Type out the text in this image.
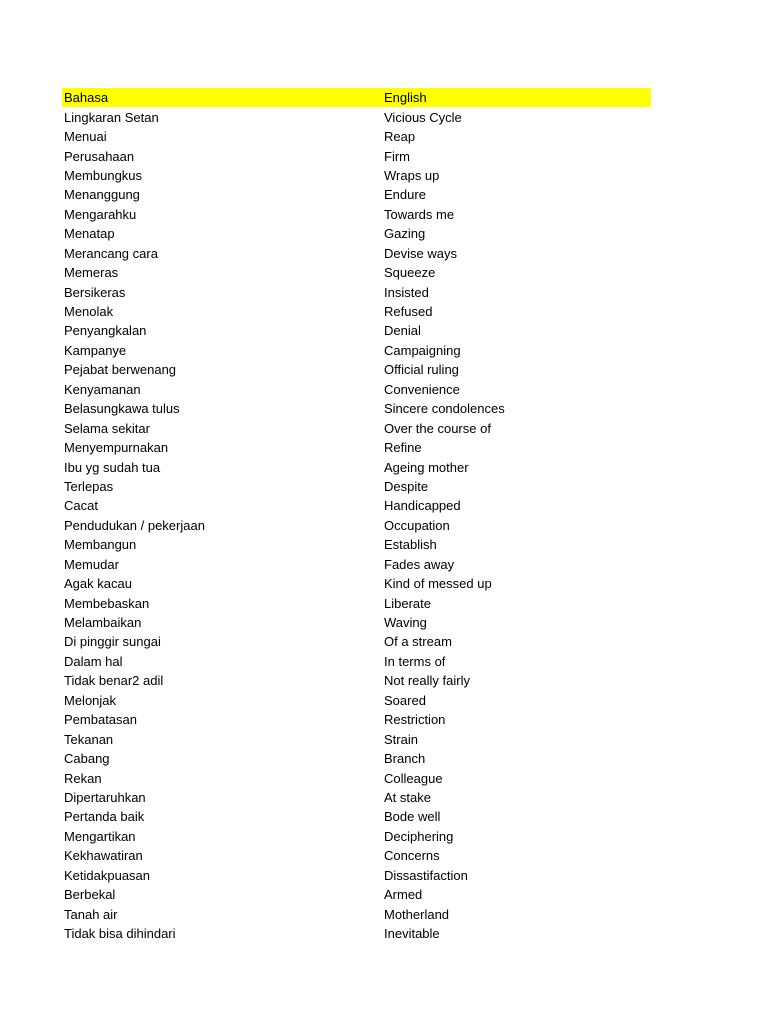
Bahasa	English
Lingkaran Setan	Vicious Cycle
Menuai	Reap
Perusahaan	Firm
Membungkus	Wraps up
Menanggung	Endure
Mengarahku	Towards me
Menatap	Gazing
Merancang cara	Devise ways
Memeras	Squeeze
Bersikeras	Insisted
Menolak	Refused
Penyangkalan	Denial
Kampanye	Campaigning
Pejabat berwenang	Official ruling
Kenyamanan	Convenience
Belasungkawa tulus	Sincere condolences
Selama sekitar	Over the course of
Menyempurnakan	Refine
Ibu yg sudah tua	Ageing mother
Terlepas	Despite
Cacat	Handicapped
Pendudukan / pekerjaan	Occupation
Membangun	Establish
Memudar	Fades away
Agak kacau	Kind of messed up
Membebaskan	Liberate
Melambaikan	Waving
Di pinggir sungai	Of a stream
Dalam hal	In terms of
Tidak benar2 adil	Not really fairly
Melonjak	Soared
Pembatasan	Restriction
Tekanan	Strain
Cabang	Branch
Rekan	Colleague
Dipertaruhkan	At stake
Pertanda baik	Bode well
Mengartikan	Deciphering
Kekhawatiran	Concerns
Ketidakpuasan	Dissastifaction
Berbekal	Armed
Tanah air	Motherland
Tidak bisa dihindari	Inevitable
